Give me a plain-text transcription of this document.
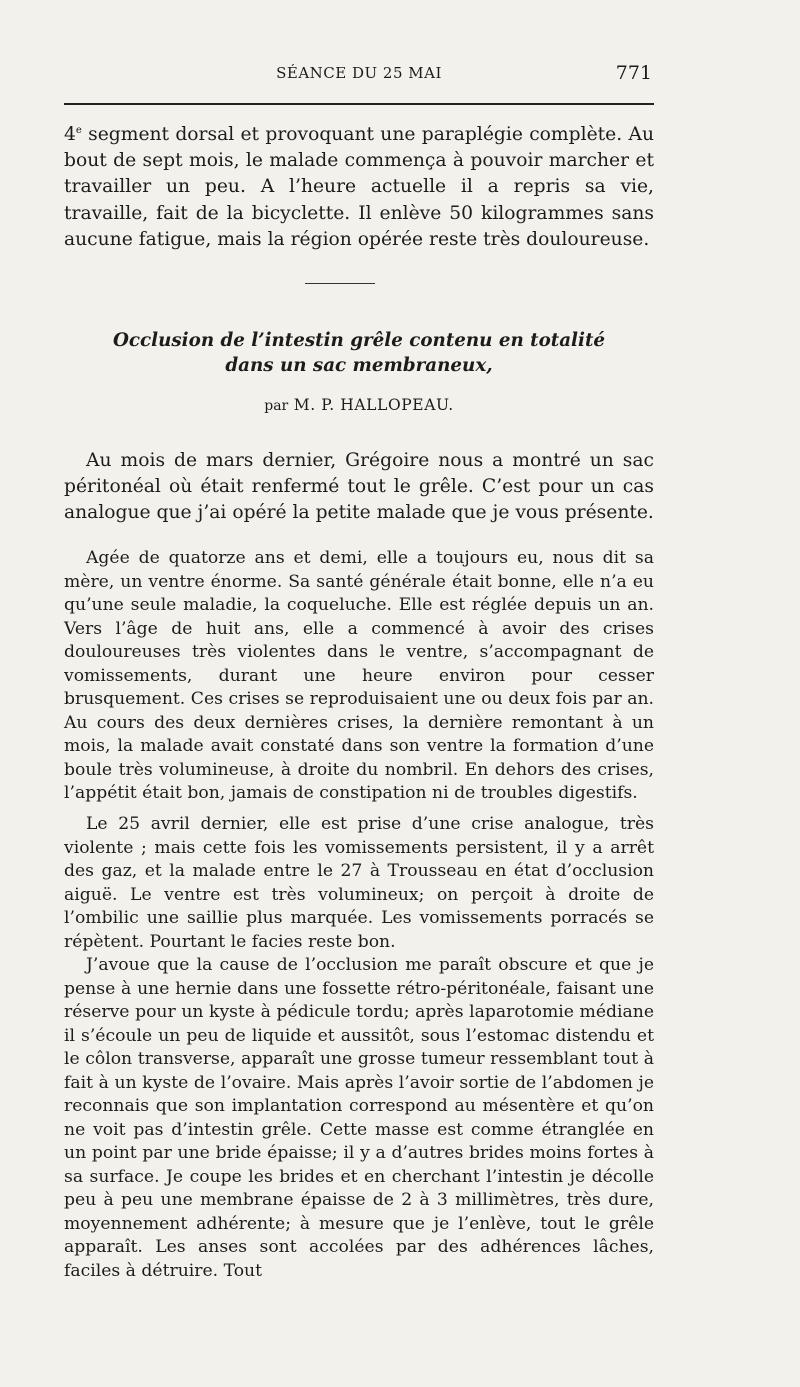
SÉANCE DU 25 MAI	771

4e segment dorsal et provoquant une paraplégie complète. Au bout de sept mois, le malade commença à pouvoir marcher et travailler un peu. A l’heure actuelle il a repris sa vie, travaille, fait de la bicyclette. Il enlève 50 kilogrammes sans aucune fatigue, mais la région opérée reste très douloureuse.

Occlusion de l’intestin grêle contenu en totalité
dans un sac membraneux,

par M. P. HALLOPEAU.

Au mois de mars dernier, Grégoire nous a montré un sac péritonéal où était renfermé tout le grêle. C’est pour un cas analogue que j’ai opéré la petite malade que je vous présente.

Agée de quatorze ans et demi, elle a toujours eu, nous dit sa mère, un ventre énorme. Sa santé générale était bonne, elle n’a eu qu’une seule maladie, la coqueluche. Elle est réglée depuis un an. Vers l’âge de huit ans, elle a commencé à avoir des crises douloureuses très violentes dans le ventre, s’accompagnant de vomissements, durant une heure environ pour cesser brusquement. Ces crises se reproduisaient une ou deux fois par an. Au cours des deux dernières crises, la dernière remontant à un mois, la malade avait constaté dans son ventre la formation d’une boule très volumineuse, à droite du nombril. En dehors des crises, l’appétit était bon, jamais de constipation ni de troubles digestifs.

Le 25 avril dernier, elle est prise d’une crise analogue, très violente ; mais cette fois les vomissements persistent, il y a arrêt des gaz, et la malade entre le 27 à Trousseau en état d’occlusion aiguë. Le ventre est très volumineux; on perçoit à droite de l’ombilic une saillie plus marquée. Les vomissements porracés se répètent. Pourtant le facies reste bon.

J’avoue que la cause de l’occlusion me paraît obscure et que je pense à une hernie dans une fossette rétro-péritonéale, faisant une réserve pour un kyste à pédicule tordu; après laparotomie médiane il s’écoule un peu de liquide et aussitôt, sous l’estomac distendu et le côlon transverse, apparaît une grosse tumeur ressemblant tout à fait à un kyste de l’ovaire. Mais après l’avoir sortie de l’abdomen je reconnais que son implantation correspond au mésentère et qu’on ne voit pas d’intestin grêle. Cette masse est comme étranglée en un point par une bride épaisse; il y a d’autres brides moins fortes à sa surface. Je coupe les brides et en cherchant l’intestin je décolle peu à peu une membrane épaisse de 2 à 3 millimètres, très dure, moyennement adhérente; à mesure que je l’enlève, tout le grêle apparaît. Les anses sont accolées par des adhérences lâches, faciles à détruire. Tout
